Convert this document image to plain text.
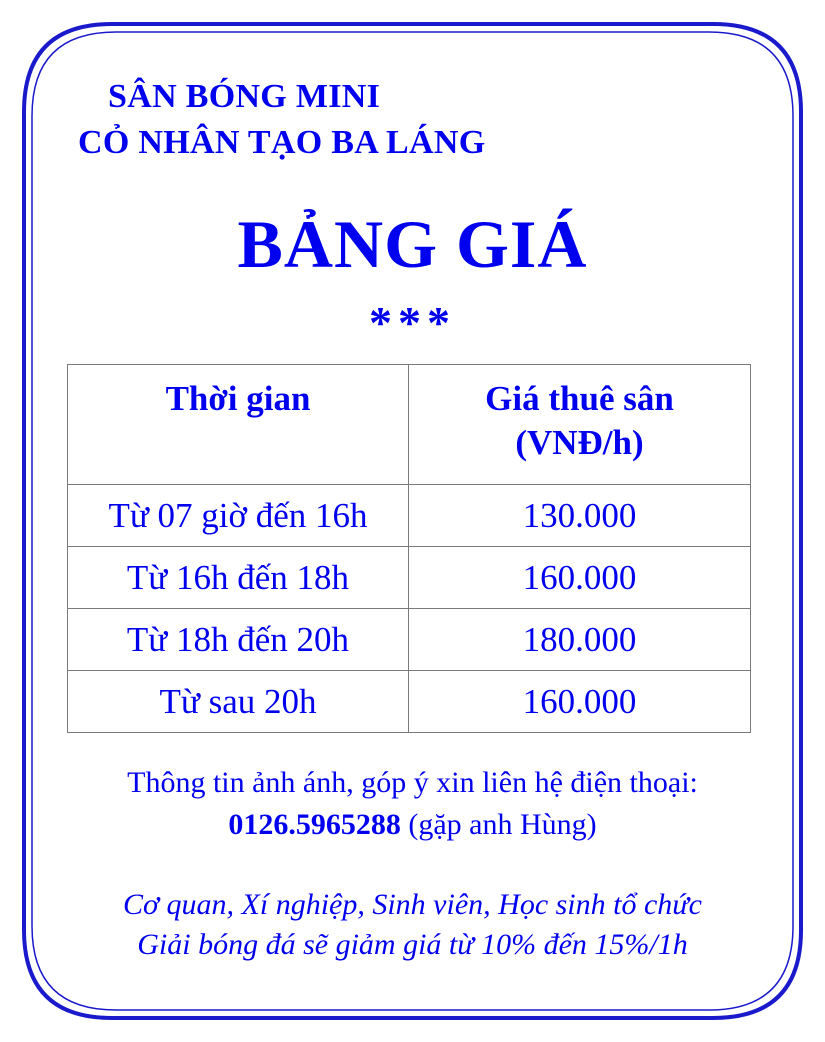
SÂN BÓNG MINI
CỎ NHÂN TẠO BA LÁNG
BẢNG GIÁ
***
Thời gian	Giá thuê sân
(VNĐ/h)
Từ 07 giờ đến 16h	130.000
Từ 16h đến 18h	160.000
Từ 18h đến 20h	180.000
Từ sau 20h	160.000
Thông tin ảnh ánh, góp ý xin liên hệ điện thoại:
0126.5965288 (gặp anh Hùng)
Cơ quan, Xí nghiệp, Sinh viên, Học sinh tổ chức
Giải bóng đá sẽ giảm giá từ 10% đến 15%/1h
